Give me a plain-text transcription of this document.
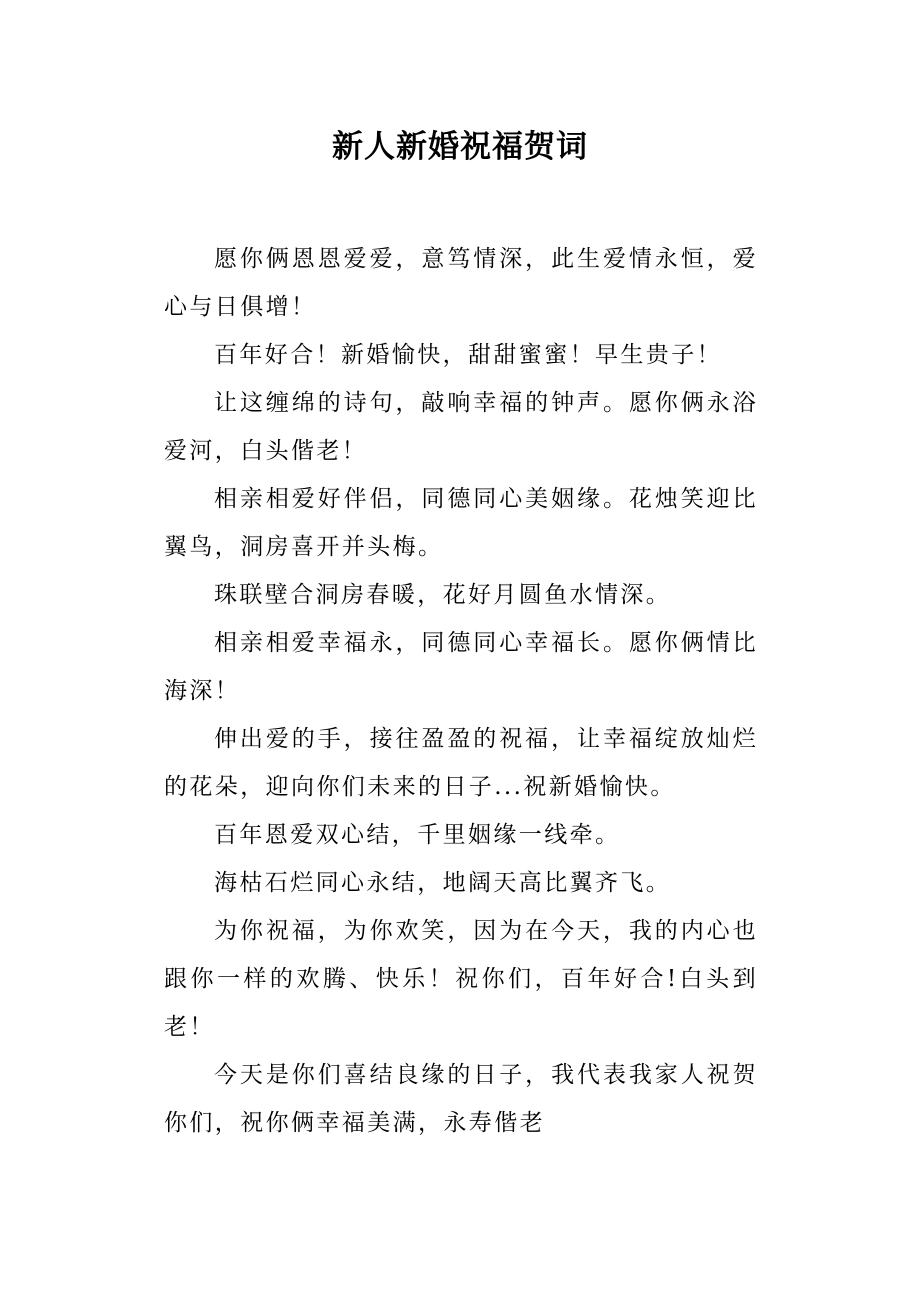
新人新婚祝福贺词

愿你俩恩恩爱爱，意笃情深，此生爱情永恒，爱心与日俱增！

百年好合！新婚愉快，甜甜蜜蜜！早生贵子！

让这缠绵的诗句，敲响幸福的钟声。愿你俩永浴爱河，白头偕老！

相亲相爱好伴侣，同德同心美姻缘。花烛笑迎比翼鸟，洞房喜开并头梅。

珠联壁合洞房春暖，花好月圆鱼水情深。

相亲相爱幸福永，同德同心幸福长。愿你俩情比海深！

伸出爱的手，接往盈盈的祝福，让幸福绽放灿烂的花朵，迎向你们未来的日子...祝新婚愉快。

百年恩爱双心结，千里姻缘一线牵。

海枯石烂同心永结，地阔天高比翼齐飞。

为你祝福，为你欢笑，因为在今天，我的内心也跟你一样的欢腾、快乐！祝你们，百年好合!白头到老！

今天是你们喜结良缘的日子，我代表我家人祝贺你们，祝你俩幸福美满，永寿偕老
